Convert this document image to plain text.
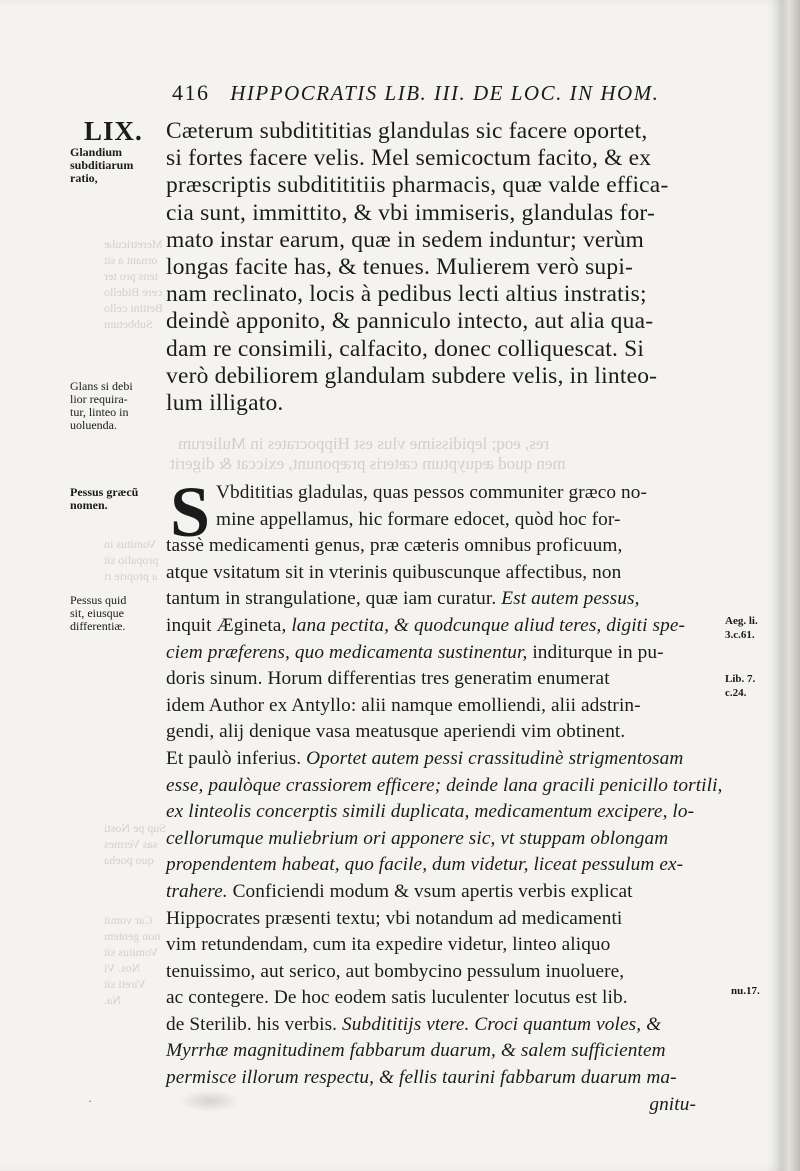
res, eoq; lepidissime vlus est Hippocrates in Mulierum
men quod æquyptum cæteris præponunt, exiccat & digerit
Meretriculæ
ornant a sit
tens pro ter
cere Bidello
Bettini cello
Subbetum
Vomitus in
propalio sit
a proprie ri
Sup pe Nosti
sas Vermes
quo poeha
Car vomit
non gentem
Vomitus sit
Nos. Vi
Vireti sit
Na.
416 HIPPOCRATIS LIB. III. DE LOC. IN HOM.
LIX.
Glandium
subditiarum
ratio,
Glans si debi
lior requira-
tur, linteo in
uoluenda.
Pessus græcũ
nomen.
Pessus quid
sit, eiusque
differentiæ.	Aeg. li.
3.c.61.
Lib. 7.
c.24.
nu.17.
Cæterum subditititias glandulas sic facere oportet,
si fortes facere velis. Mel semicoctum facito, & ex
præscriptis subditititiis pharmacis, quæ valde effica-
cia sunt, immittito, & vbi immiseris, glandulas for-
mato instar earum, quæ in sedem induntur; verùm
longas facite has, & tenues. Mulierem verò supi-
nam reclinato, locis à pedibus lecti altius instratis;
deindè apponito, & panniculo intecto, aut alia qua-
dam re consimili, calfacito, donec colliquescat. Si
verò debiliorem glandulam subdere velis, in linteo-
lum illigato.
S Vbdititias gladulas, quas pessos communiter græco no-
mine appellamus, hic formare edocet, quòd hoc for-
tassè medicamenti genus, præ cæteris omnibus proficuum,
atque vsitatum sit in vterinis quibuscunque affectibus, non
tantum in strangulatione, quæ iam curatur. Est autem pessus,
inquit Ægineta, lana pectita, & quodcunque aliud teres, digiti spe-
ciem præferens, quo medicamenta sustinentur, inditurque in pu-
doris sinum. Horum differentias tres generatim enumerat
idem Author ex Antyllo: alii namque emolliendi, alii adstrin-
gendi, alij denique vasa meatusque aperiendi vim obtinent.
Et paulò inferius. Oportet autem pessi crassitudinè strigmentosam
esse, paulòque crassiorem efficere; deinde lana gracili penicillo tortili,
ex linteolis concerptis simili duplicata, medicamentum excipere, lo-
cellorumque muliebrium ori apponere sic, vt stuppam oblongam
propendentem habeat, quo facile, dum videtur, liceat pessulum ex-
trahere. Conficiendi modum & vsum apertis verbis explicat
Hippocrates præsenti textu; vbi notandum ad medicamenti
vim retundendam, cum ita expedire videtur, linteo aliquo
tenuissimo, aut serico, aut bombycino pessulum inuoluere,
ac contegere. De hoc eodem satis luculenter locutus est lib.
de Sterilib. his verbis. Subdititijs vtere. Croci quantum voles, &
Myrrhæ magnitudinem fabbarum duarum, & salem sufficientem
permisce illorum respectu, & fellis taurini fabbarum duarum ma-
gnitu-
·
